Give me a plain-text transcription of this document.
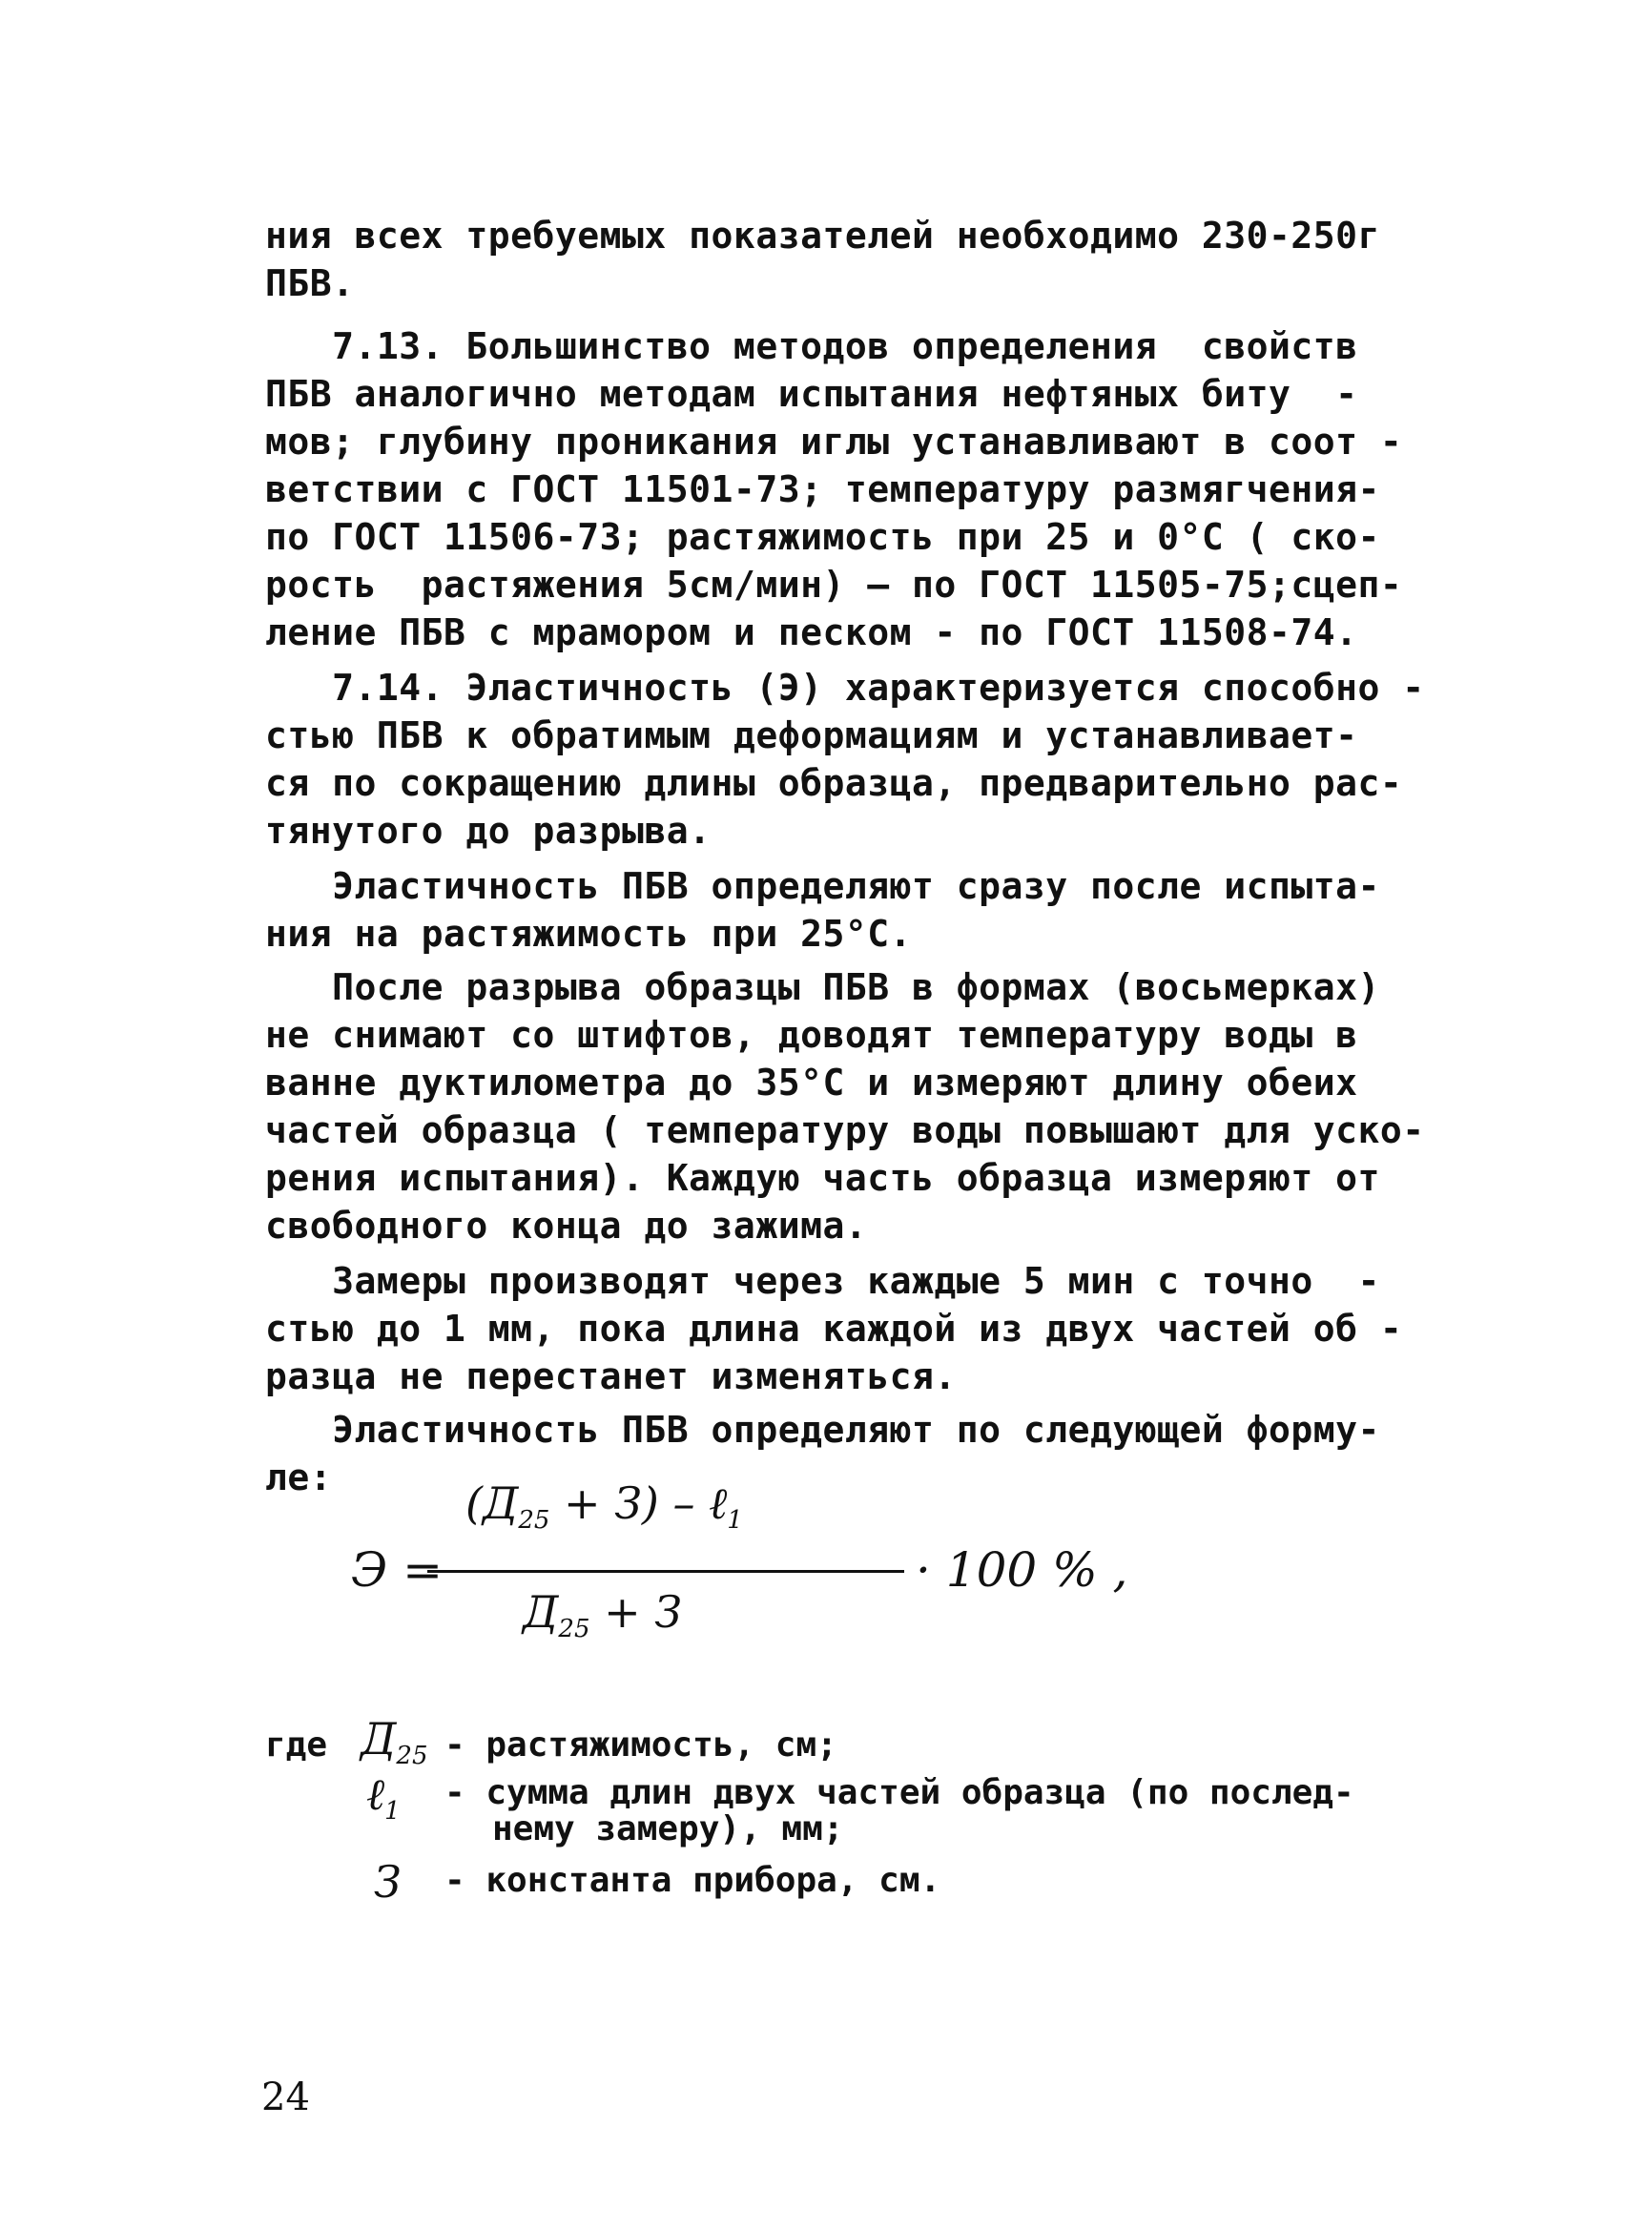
ния всех требуемых показателей необходимо 230-250г
ПБВ.
7.13. Большинство методов определения  свойств
ПБВ аналогично методам испытания нефтяных биту  -
мов; глубину проникания иглы устанавливают в соот -
ветствии с ГОСТ 11501-73; температуру размягчения-
по ГОСТ 11506-73; растяжимость при 25 и 0°С ( ско-
рость  растяжения 5см/мин) – по ГОСТ 11505-75;сцеп-
ление ПБВ с мрамором и песком - по ГОСТ 11508-74.
7.14. Эластичность (Э) характеризуется способно -
стью ПБВ к обратимым деформациям и устанавливает-
ся по сокращению длины образца, предварительно рас-
тянутого до разрыва.
Эластичность ПБВ определяют сразу после испыта-
ния на растяжимость при 25°С.
После разрыва образцы ПБВ в формах (восьмерках)
не снимают со штифтов, доводят температуру воды в
ванне дуктилометра до 35°С и измеряют длину обеих
частей образца ( температуру воды повышают для уско-
рения испытания). Каждую часть образца измеряют от
свободного конца до зажима.
Замеры производят через каждые 5 мин с точно  -
стью до 1 мм, пока длина каждой из двух частей об -
разца не перестанет изменяться.
Эластичность ПБВ определяют по следующей форму-
ле:
Э =
$(Д_{25} + З)$ – ℓ$_1$
$Д_{25} + З$
· 100 % ,
где $Д_{25}$ - растяжимость, см;
ℓ$_1$ - сумма длин двух частей образца (по послед-
нему замеру), мм;
З - константа прибора, см.
24
